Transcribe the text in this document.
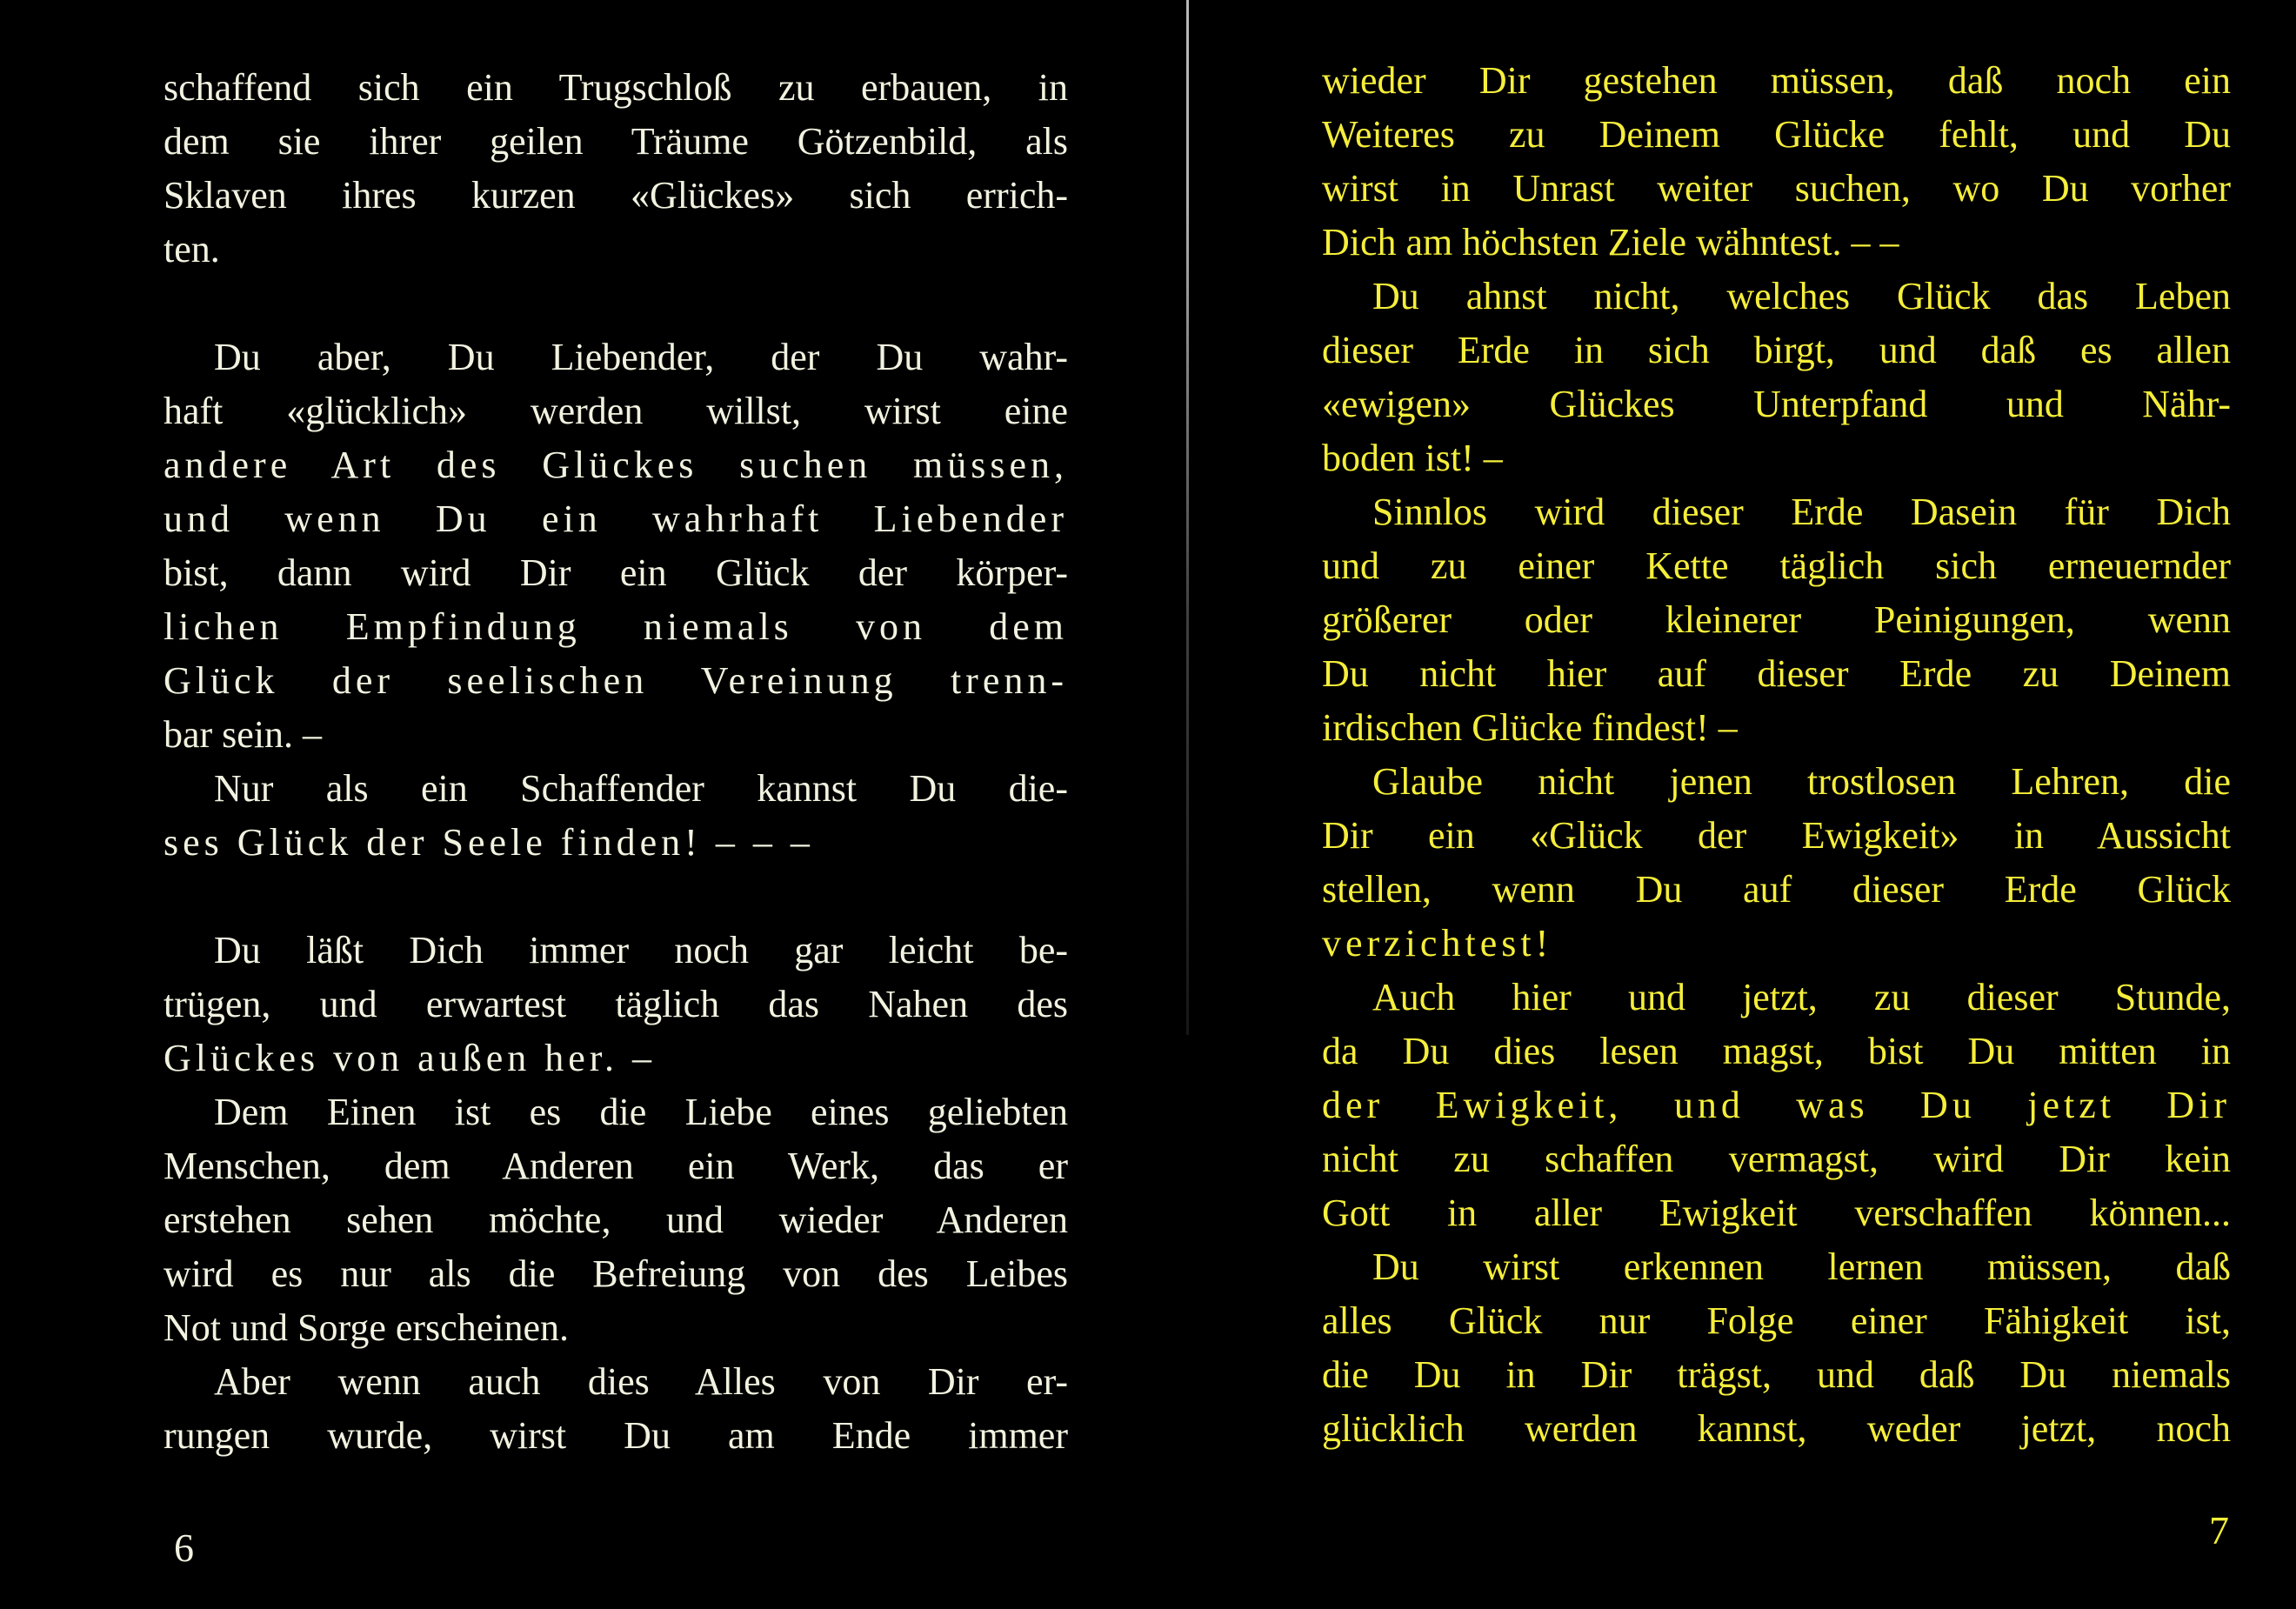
schaffend sich ein Trugschloß zu erbauen, in
dem sie ihrer geilen Träume Götzenbild, als
Sklaven ihres kurzen «Glückes» sich errich-
ten.
Du aber, Du Liebender, der Du wahr-
haft «glücklich» werden willst, wirst eine
andere Art des Glückes suchen müssen,
und wenn Du ein wahrhaft Liebender
bist, dann wird Dir ein Glück der körper-
lichen Empfindung niemals von dem
Glück der seelischen Vereinung trenn-
bar sein. –
Nur als ein Schaffender kannst Du die-
ses Glück der Seele finden! – – –
Du läßt Dich immer noch gar leicht be-
trügen, und erwartest täglich das Nahen des
Glückes von außen her. –
Dem Einen ist es die Liebe eines geliebten
Menschen, dem Anderen ein Werk, das er
erstehen sehen möchte, und wieder Anderen
wird es nur als die Befreiung von des Leibes
Not und Sorge erscheinen.
Aber wenn auch dies Alles von Dir er-
rungen wurde, wirst Du am Ende immer
wieder Dir gestehen müssen, daß noch ein
Weiteres zu Deinem Glücke fehlt, und Du
wirst in Unrast weiter suchen, wo Du vorher
Dich am höchsten Ziele wähntest. – –
Du ahnst nicht, welches Glück das Leben
dieser Erde in sich birgt, und daß es allen
«ewigen» Glückes Unterpfand und Nähr-
boden ist! –
Sinnlos wird dieser Erde Dasein für Dich
und zu einer Kette täglich sich erneuernder
größerer oder kleinerer Peinigungen, wenn
Du nicht hier auf dieser Erde zu Deinem
irdischen Glücke findest! –
Glaube nicht jenen trostlosen Lehren, die
Dir ein «Glück der Ewigkeit» in Aussicht
stellen, wenn Du auf dieser Erde Glück
verzichtest!
Auch hier und jetzt, zu dieser Stunde,
da Du dies lesen magst, bist Du mitten in
der Ewigkeit, und was Du jetzt Dir
nicht zu schaffen vermagst, wird Dir kein
Gott in aller Ewigkeit verschaffen können...
Du wirst erkennen lernen müssen, daß
alles Glück nur Folge einer Fähigkeit ist,
die Du in Dir trägst, und daß Du niemals
glücklich werden kannst, weder jetzt, noch
6	7
